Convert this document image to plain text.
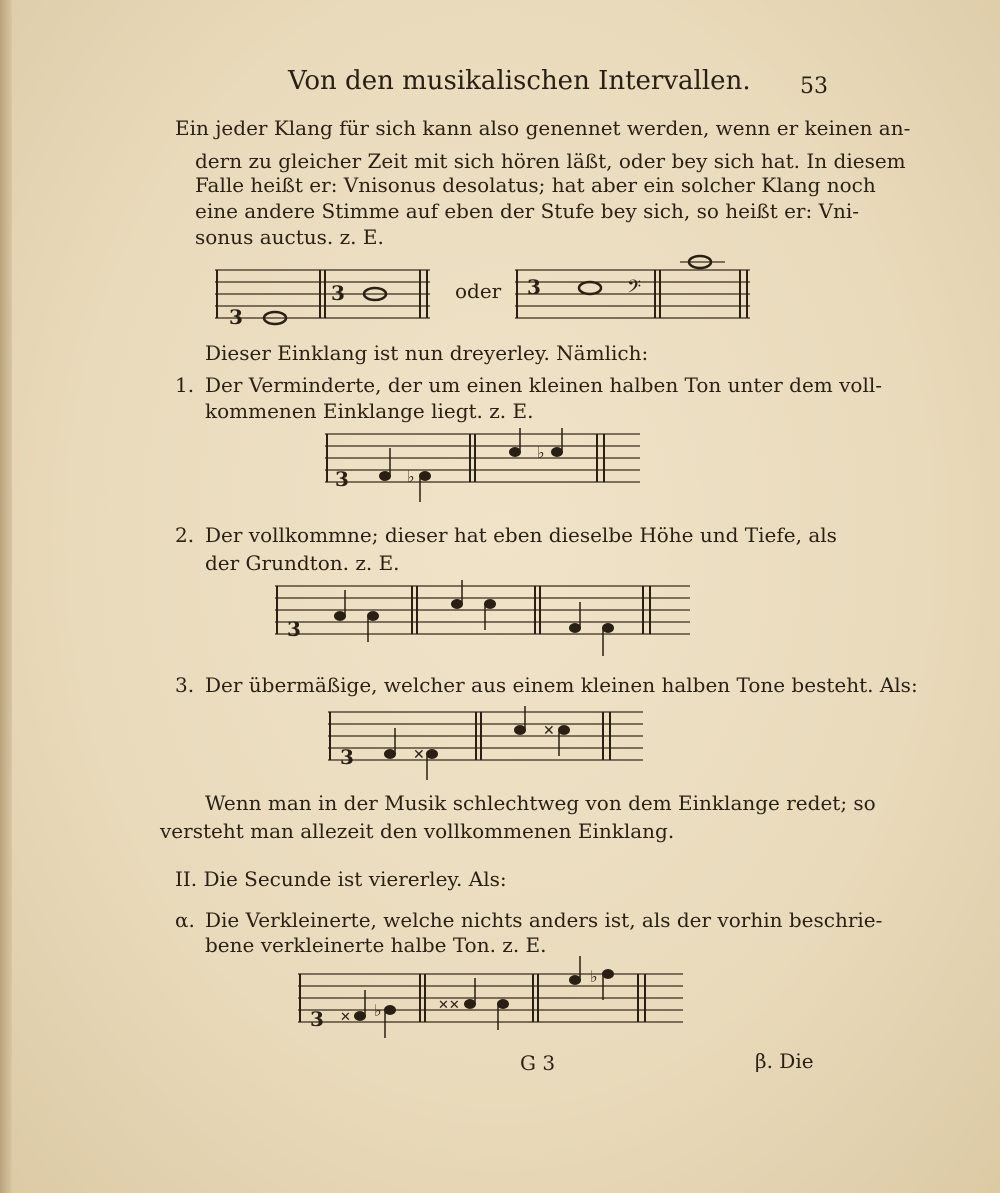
Von den musikalischen Intervallen. 53
Ein jeder Klang für sich kann also genennet werden, wenn er keinen an-
dern zu gleicher Zeit mit sich hören läßt, oder bey sich hat. In diesem
Falle heißt er: Vnisonus desolatus; hat aber ein solcher Klang noch
eine andere Stimme auf eben der Stufe bey sich, so heißt er: Vni-
sonus auctus. z. E.
3
3	oder 3	𝄢
Dieser Einklang ist nun dreyerley. Nämlich:
1. Der Verminderte, der um einen kleinen halben Ton unter dem voll-
kommenen Einklange liegt. z. E.
3	♭
♭
2. Der vollkommne; dieser hat eben dieselbe Höhe und Tiefe, als
der Grundton. z. E.
3
3. Der übermäßige, welcher aus einem kleinen halben Tone besteht. Als:
3	✕
✕
Wenn man in der Musik schlechtweg von dem Einklange redet; so
versteht man allezeit den vollkommenen Einklang.
II. Die Secunde ist viererley. Als:
α. Die Verkleinerte, welche nichts anders ist, als der vorhin beschrie-
bene verkleinerte halbe Ton. z. E.
3 ✕ ♭	✕✕
♭
G 3	β. Die
